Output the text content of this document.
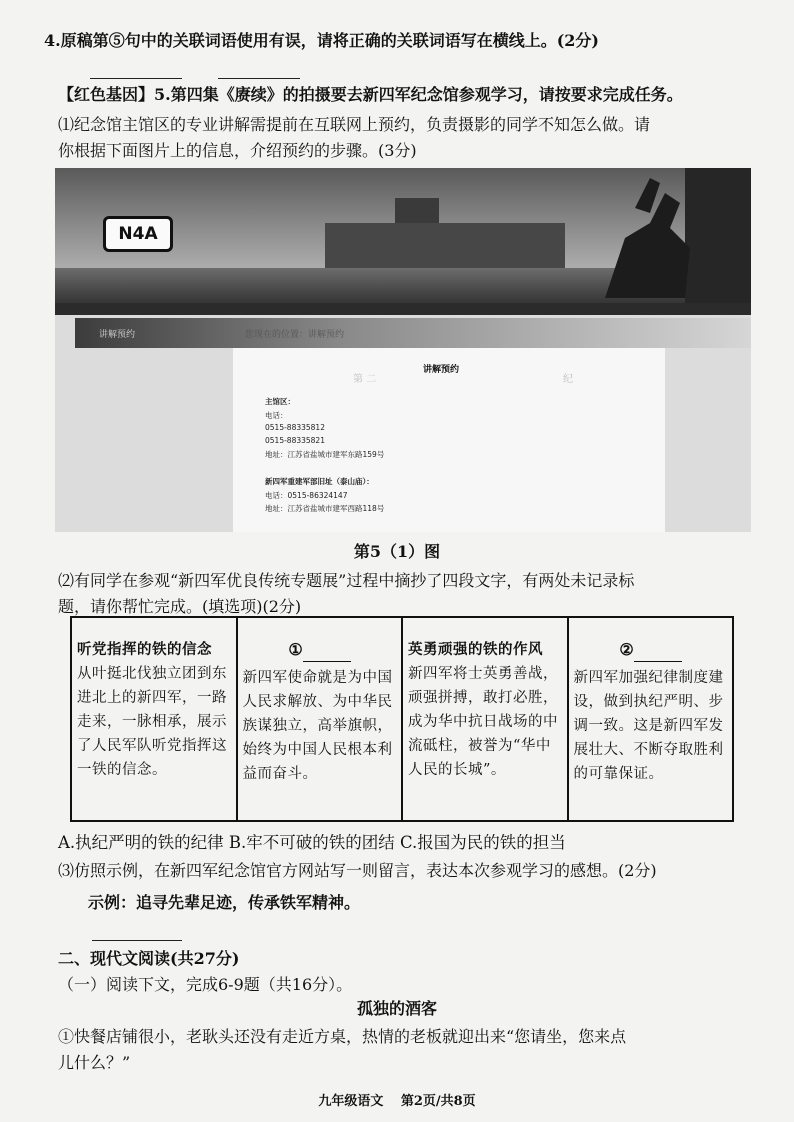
4.原稿第⑤句中的关联词语使用有误，请将正确的关联词语写在横线上。(2分)
【红色基因】5.第四集《赓续》的拍摄要去新四军纪念馆参观学习，请按要求完成任务。
⑴纪念馆主馆区的专业讲解需提前在互联网上预约，负责摄影的同学不知怎么做。请
你根据下面图片上的信息，介绍预约的步骤。(3分)
N4A
讲解预约	您现在的位置：讲解预约
第 二	纪
讲解预约
主馆区：
电话：
0515-88335812
0515-88335821
地址：江苏省盐城市建军东路159号
新四军重建军部旧址（泰山庙）：
电话：0515-86324147
地址：江苏省盐城市建军西路118号
第5（1）图
⑵有同学在参观“新四军优良传统专题展”过程中摘抄了四段文字，有两处未记录标
题，请你帮忙完成。(填选项)(2分)
听党指挥的铁的信念
从叶挺北伐独立团到东进北上的新四军，一路走来，一脉相承，展示了人民军队听党指挥这一铁的信念。
①
新四军使命就是为中国人民求解放、为中华民族谋独立，高举旗帜，始终为中国人民根本利益而奋斗。
英勇顽强的铁的作风
新四军将士英勇善战，顽强拼搏，敢打必胜，成为华中抗日战场的中流砥柱，被誉为“华中人民的长城”。
②
新四军加强纪律制度建设，做到执纪严明、步调一致。这是新四军发展壮大、不断夺取胜利的可靠保证。
A.执纪严明的铁的纪律 B.牢不可破的铁的团结 C.报国为民的铁的担当
⑶仿照示例，在新四军纪念馆官方网站写一则留言，表达本次参观学习的感想。(2分)
示例：追寻先辈足迹，传承铁军精神。
二、现代文阅读(共27分)
（一）阅读下文，完成6-9题（共16分）。
孤独的酒客
①快餐店铺很小，老耿头还没有走近方桌，热情的老板就迎出来“您请坐，您来点
儿什么？”
九年级语文　 第2页/共8页
